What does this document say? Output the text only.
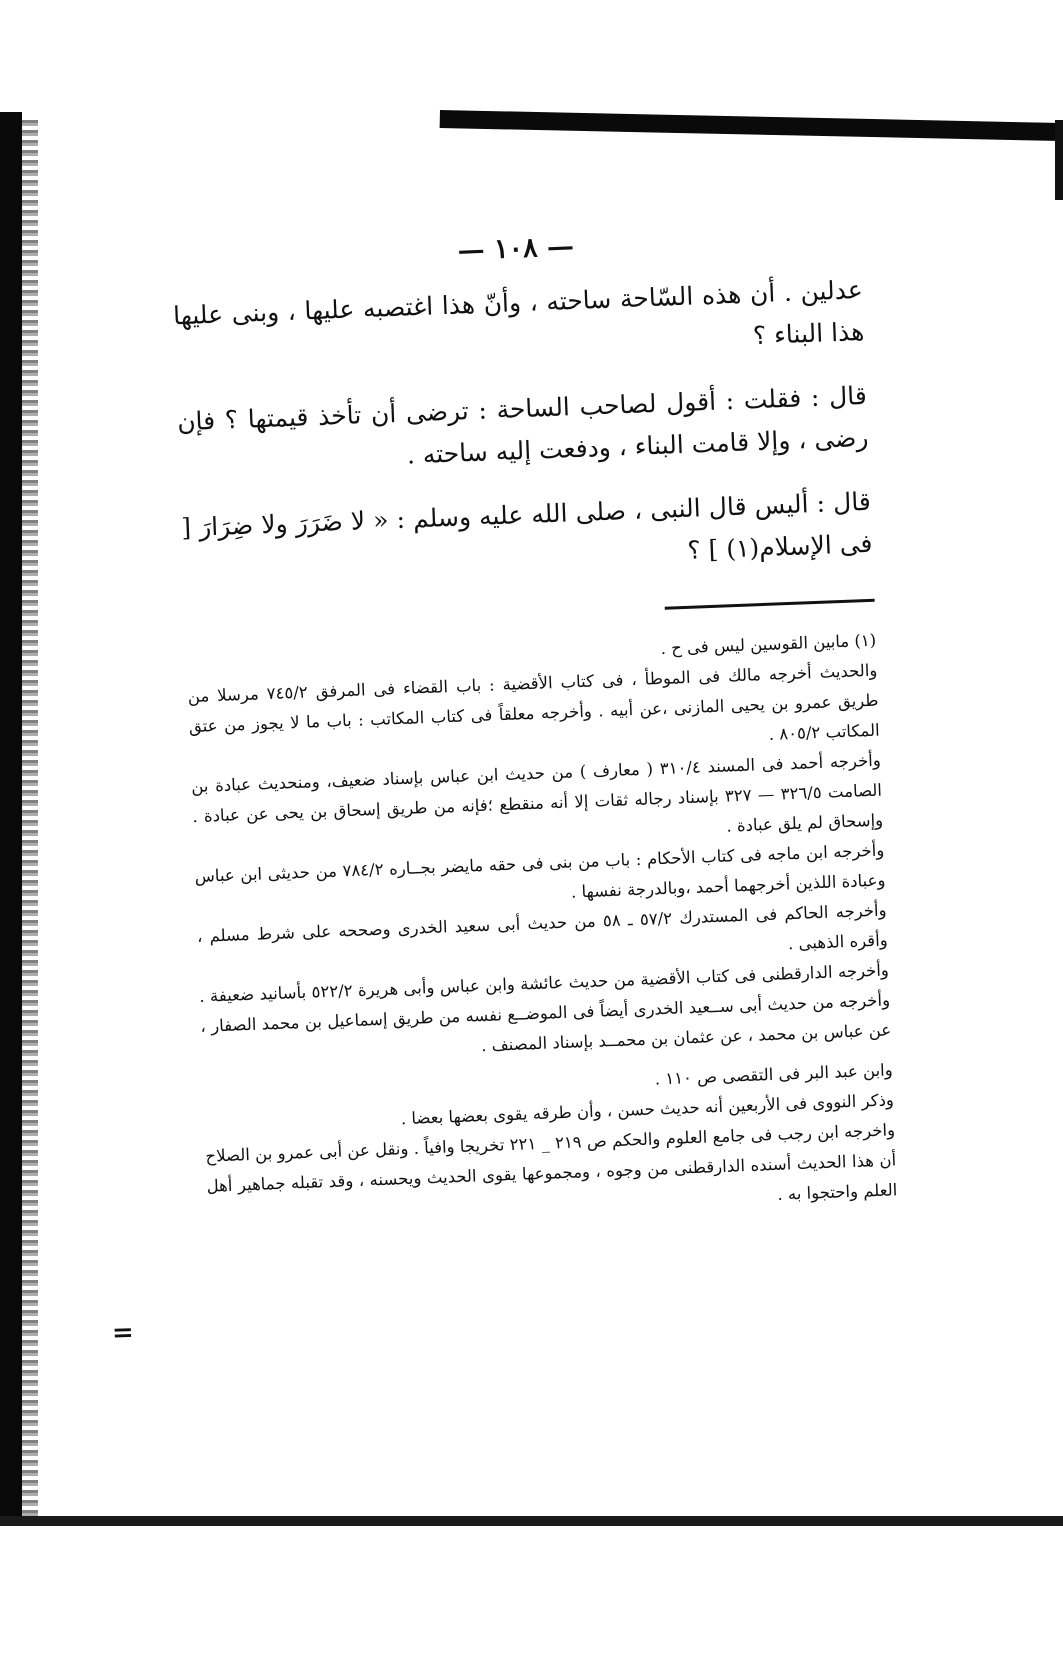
— ١٠٨ —

عدلين . أن هذه السّاحة ساحته ، وأنّ هذا اغتصبه عليها ، وبنى عليها هذا البناء ؟

قال : فقلت : أقول لصاحب الساحة : ترضى أن تأخذ قيمتها ؟ فإن رضى ، وإلا قامت البناء ، ودفعت إليه ساحته .

قال : أليس قال النبى ، صلى الله عليه وسلم : « لا ضَرَرَ ولا ضِرَارَ [ فى الإسلام(١) ] ؟

(١) مابين القوسين ليس فى ح .

والحديث أخرجه مالك فى الموطأ ، فى كتاب الأقضية : باب القضاء فى المرفق ٧٤٥/٢ مرسلا من طريق عمرو بن يحيى المازنى ،عن أبيه . وأخرجه معلقاً فى كتاب المكاتب : باب ما لا يجوز من عتق المكاتب ٨٠٥/٢ .

وأخرجه أحمد فى المسند ٣١٠/٤ ( معارف ) من حديث ابن عباس بإسناد ضعيف، ومنحديث عبادة بن الصامت ٣٢٦/٥ — ٣٢٧ بإسناد رجاله ثقات إلا أنه منقطع ؛فإنه من طريق إسحاق بن يحى عن عبادة . وإسحاق لم يلق عبادة .

وأخرجه ابن ماجه فى كتاب الأحكام : باب من بنى فى حقه مايضر بجــاره ٧٨٤/٢ من حديثى ابن عباس وعبادة اللذين أخرجهما أحمد ،وبالدرجة نفسها .

وأخرجه الحاكم فى المستدرك ٥٧/٢ ـ ٥٨ من حديث أبى سعيد الخدرى وصححه على شرط مسلم ، وأقره الذهبى .

وأخرجه الدارقطنى فى كتاب الأقضية من حديث عائشة وابن عباس وأبى هريرة ٥٢٢/٢ بأسانيد ضعيفة . وأخرجه من حديث أبى ســعيد الخدرى أيضاً فى الموضــع نفسه من طريق إسماعيل بن محمد الصفار ، عن عباس بن محمد ، عن عثمان بن محمــد بإسناد المصنف .

وابن عبد البر فى التقصى ص ١١٠ .

وذكر النووى فى الأربعين أنه حديث حسن ، وأن طرقه يقوى بعضها بعضا .

واخرجه ابن رجب فى جامع العلوم والحكم ص ٢١٩ _ ٢٢١ تخريجا وافياً . ونقل عن أبى عمرو بن الصلاح أن هذا الحديث أسنده الدارقطنى من وجوه ، ومجموعها يقوى الحديث ويحسنه ، وقد تقبله جماهير أهل العلم واحتجوا به .

=
